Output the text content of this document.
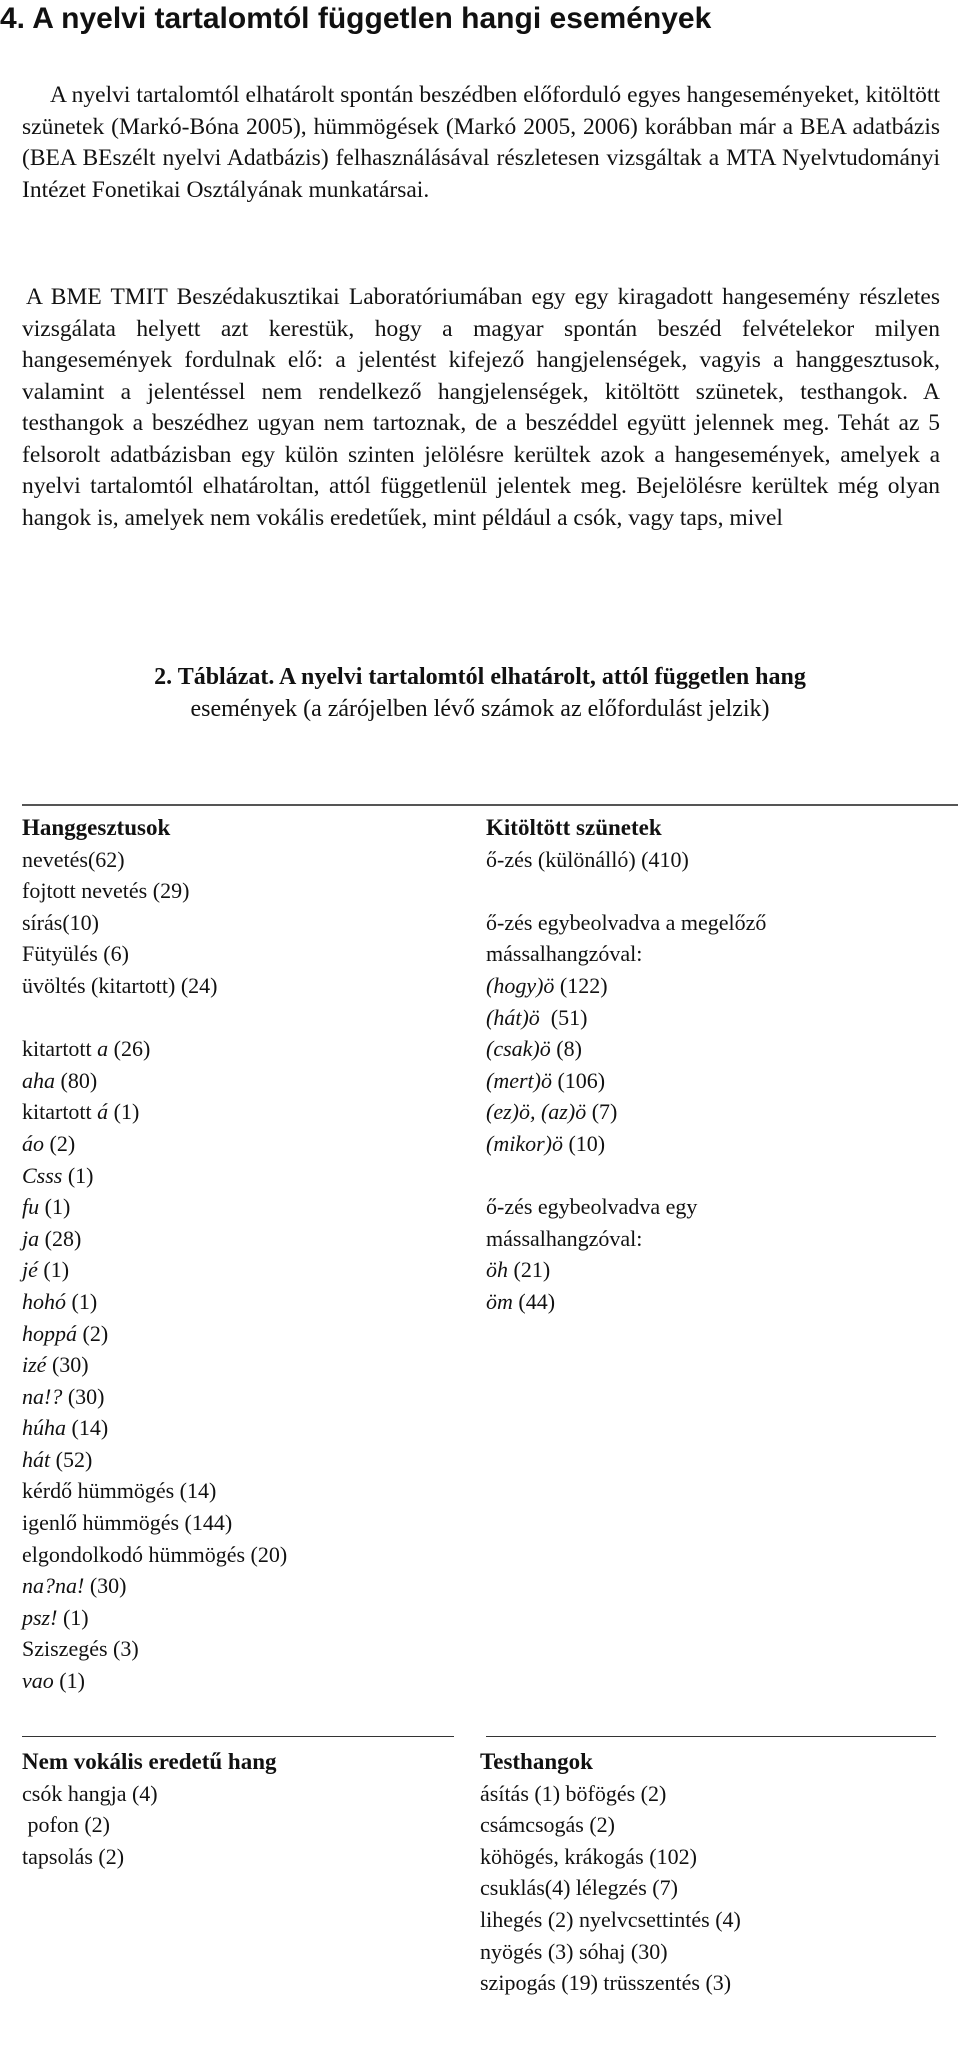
4. A nyelvi tartalomtól független hangi események

A nyelvi tartalomtól elhatárolt spontán beszédben előforduló egyes hangeseményeket, kitöltött szünetek (Markó-Bóna 2005), hümmögések (Markó 2005, 2006) korábban már a BEA adatbázis (BEA BEszélt nyelvi Adatbázis) felhasználásával részletesen vizsgáltak a MTA Nyelvtudományi Intézet Fonetikai Osztályának munkatársai.

A BME TMIT Beszédakusztikai Laboratóriumában egy egy kiragadott hangesemény részletes vizsgálata helyett azt kerestük, hogy a magyar spontán beszéd felvételekor milyen hangesemények fordulnak elő: a jelentést kifejező hangjelenségek, vagyis a hanggesztusok, valamint a jelentéssel nem rendelkező hangjelenségek, kitöltött szünetek, testhangok. A testhangok a beszédhez ugyan nem tartoznak, de a beszéddel együtt jelennek meg. Tehát az 5 felsorolt adatbázisban egy külön szinten jelölésre kerültek azok a hangesemények, amelyek a nyelvi tartalomtól elhatároltan, attól függetlenül jelentek meg. Bejelölésre kerültek még olyan hangok is, amelyek nem vokális eredetűek, mint például a csók, vagy taps, mivel

2. Táblázat. A nyelvi tartalomtól elhatárolt, attól független hang
események (a zárójelben lévő számok az előfordulást jelzik)
Hanggesztusok
nevetés(62)
fojtott nevetés (29)
sírás(10)
Fütyülés (6)
üvöltés (kitartott) (24)
kitartott a (26)
aha (80)
kitartott á (1)
áo (2)
Csss (1)
fu (1)
ja (28)
jé (1)
hohó (1)
hoppá (2)
izé (30)
na!? (30)
húha (14)
hát (52)
kérdő hümmögés (14)
igenlő hümmögés (144)
elgondolkodó hümmögés (20)
na?na! (30)
psz! (1)
Sziszegés (3)
vao (1)
Kitöltött szünetek
ő-zés (különálló) (410)
ő-zés egybeolvadva a megelőző
mássalhangzóval:
(hogy)ö (122)
(hát)ö  (51)
(csak)ö (8)
(mert)ö (106)
(ez)ö, (az)ö (7)
(mikor)ö (10)
ő-zés egybeolvadva egy
mássalhangzóval:
öh (21)
öm (44)
Nem vokális eredetű hang
csók hangja (4)
pofon (2)
tapsolás (2)
Testhangok
ásítás (1) böfögés (2)
csámcsogás (2)
köhögés, krákogás (102)
csuklás(4) lélegzés (7)
lihegés (2) nyelvcsettintés (4)
nyögés (3) sóhaj (30)
szipogás (19) trüsszentés (3)
